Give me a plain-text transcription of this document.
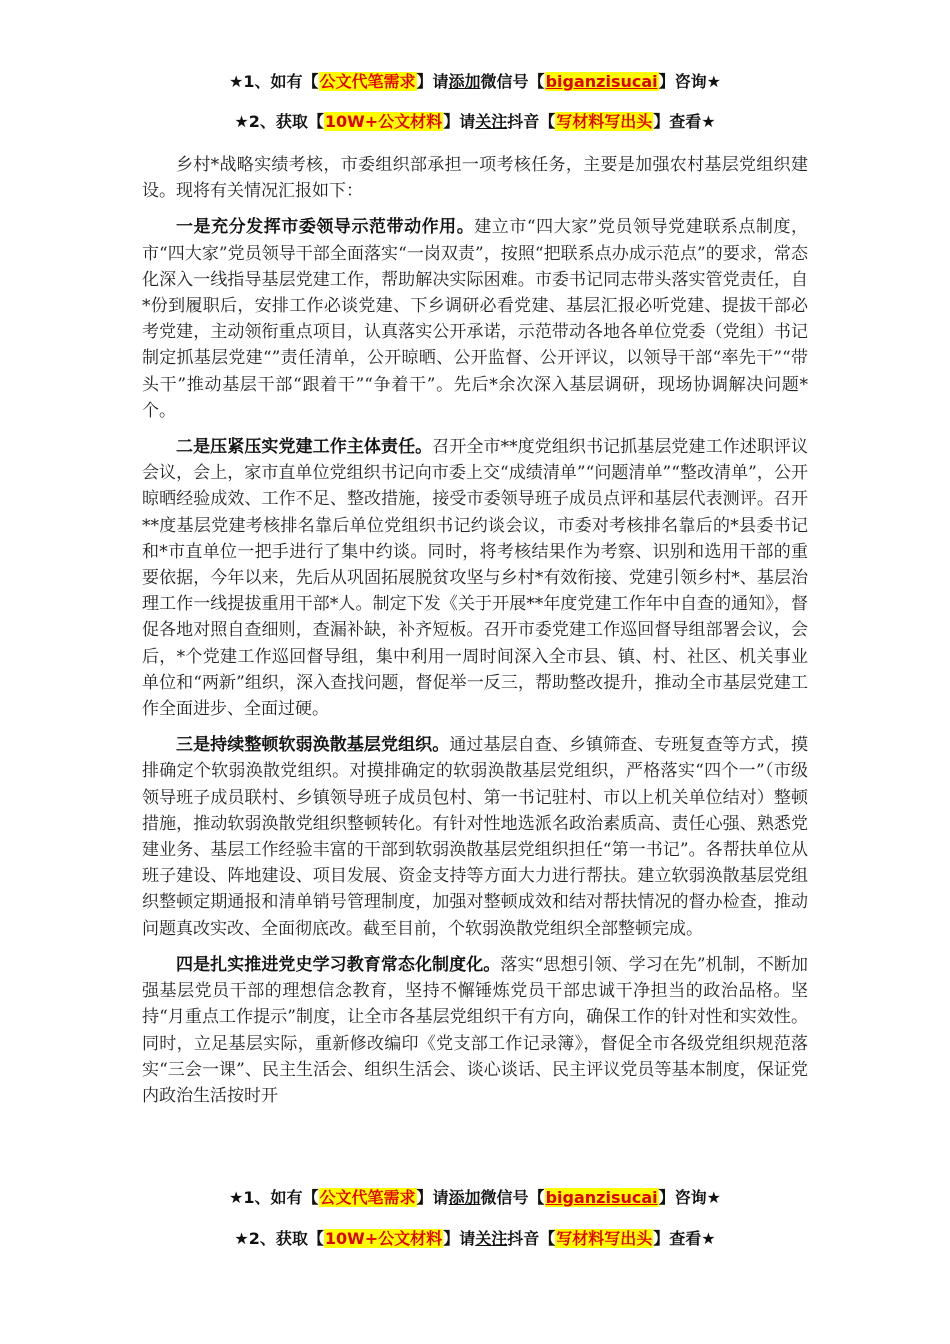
★1、如有【公文代笔需求】请添加微信号【biganzisucai】咨询★
★2、获取【10W+公文材料】请关注抖音【写材料写出头】查看★

乡村*战略实绩考核，市委组织部承担一项考核任务，主要是加强农村基层党组织建设。现将有关情况汇报如下：

一是充分发挥市委领导示范带动作用。建立市“四大家”党员领导党建联系点制度，市“四大家”党员领导干部全面落实“一岗双责”，按照“把联系点办成示范点”的要求，常态化深入一线指导基层党建工作，帮助解决实际困难。市委书记同志带头落实管党责任，自*份到履职后，安排工作必谈党建、下乡调研必看党建、基层汇报必听党建、提拔干部必考党建，主动领衔重点项目，认真落实公开承诺，示范带动各地各单位党委（党组）书记制定抓基层党建“”责任清单，公开晾晒、公开监督、公开评议，以领导干部“率先干”“带头干”推动基层干部“跟着干”“争着干”。先后*余次深入基层调研，现场协调解决问题*个。

二是压紧压实党建工作主体责任。召开全市**度党组织书记抓基层党建工作述职评议会议，会上，家市直单位党组织书记向市委上交“成绩清单”“问题清单”“整改清单”，公开晾晒经验成效、工作不足、整改措施，接受市委领导班子成员点评和基层代表测评。召开**度基层党建考核排名靠后单位党组织书记约谈会议，市委对考核排名靠后的*县委书记和*市直单位一把手进行了集中约谈。同时，将考核结果作为考察、识别和选用干部的重要依据，今年以来，先后从巩固拓展脱贫攻坚与乡村*有效衔接、党建引领乡村*、基层治理工作一线提拔重用干部*人。制定下发《关于开展**年度党建工作年中自查的通知》，督促各地对照自查细则，查漏补缺，补齐短板。召开市委党建工作巡回督导组部署会议，会后，*个党建工作巡回督导组，集中利用一周时间深入全市县、镇、村、社区、机关事业单位和“两新”组织，深入查找问题，督促举一反三，帮助整改提升，推动全市基层党建工作全面进步、全面过硬。

三是持续整顿软弱涣散基层党组织。通过基层自查、乡镇筛查、专班复查等方式，摸排确定个软弱涣散党组织。对摸排确定的软弱涣散基层党组织，严格落实“四个一”（市级领导班子成员联村、乡镇领导班子成员包村、第一书记驻村、市以上机关单位结对）整顿措施，推动软弱涣散党组织整顿转化。有针对性地选派名政治素质高、责任心强、熟悉党建业务、基层工作经验丰富的干部到软弱涣散基层党组织担任“第一书记”。各帮扶单位从班子建设、阵地建设、项目发展、资金支持等方面大力进行帮扶。建立软弱涣散基层党组织整顿定期通报和清单销号管理制度，加强对整顿成效和结对帮扶情况的督办检查，推动问题真改实改、全面彻底改。截至目前，个软弱涣散党组织全部整顿完成。

四是扎实推进党史学习教育常态化制度化。落实“思想引领、学习在先”机制，不断加强基层党员干部的理想信念教育，坚持不懈锤炼党员干部忠诚干净担当的政治品格。坚持“月重点工作提示”制度，让全市各基层党组织干有方向，确保工作的针对性和实效性。同时，立足基层实际，重新修改编印《党支部工作记录簿》，督促全市各级党组织规范落实“三会一课”、民主生活会、组织生活会、谈心谈话、民主评议党员等基本制度，保证党内政治生活按时开

★1、如有【公文代笔需求】请添加微信号【biganzisucai】咨询★
★2、获取【10W+公文材料】请关注抖音【写材料写出头】查看★
